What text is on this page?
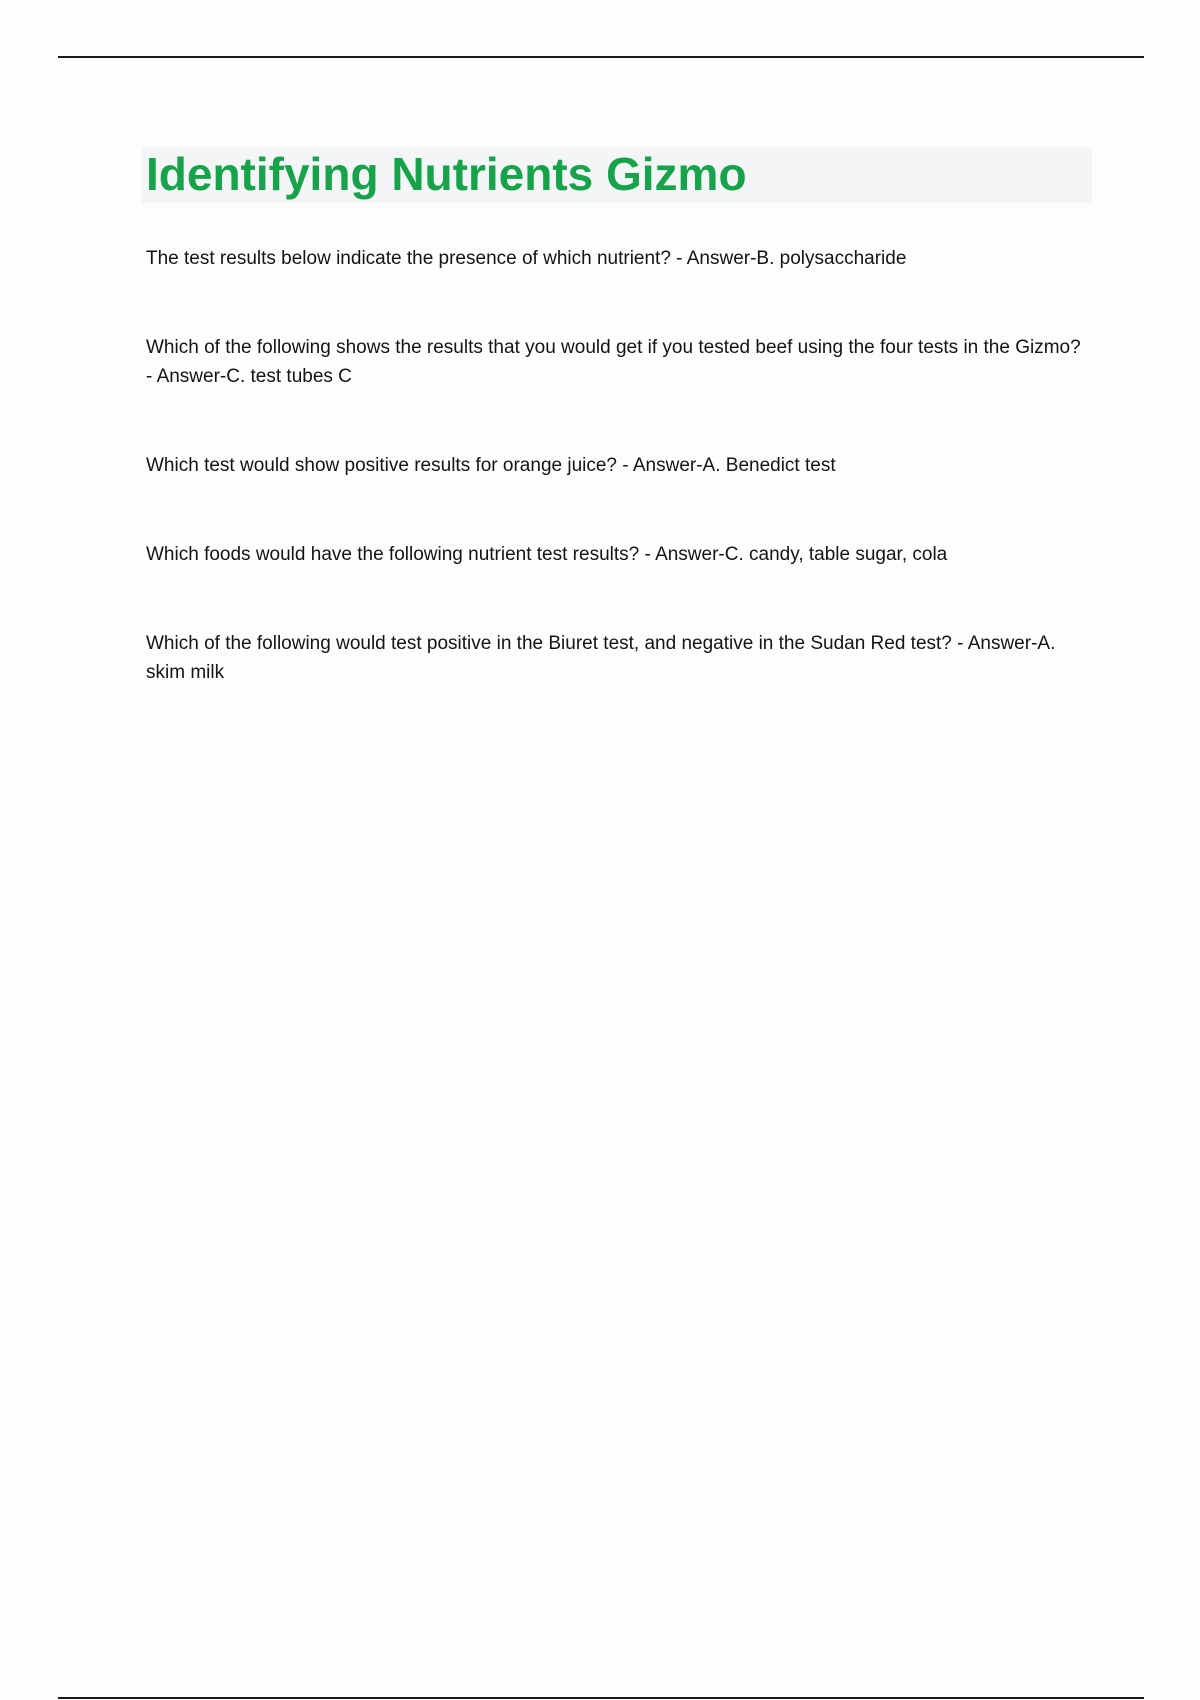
Identifying Nutrients Gizmo

The test results below indicate the presence of which nutrient? - Answer-B. polysaccharide

Which of the following shows the results that you would get if you tested beef using the four tests in the Gizmo? - Answer-C. test tubes C

Which test would show positive results for orange juice? - Answer-A. Benedict test

Which foods would have the following nutrient test results? - Answer-C. candy, table sugar, cola

Which of the following would test positive in the Biuret test, and negative in the Sudan Red test? - Answer-A. skim milk
